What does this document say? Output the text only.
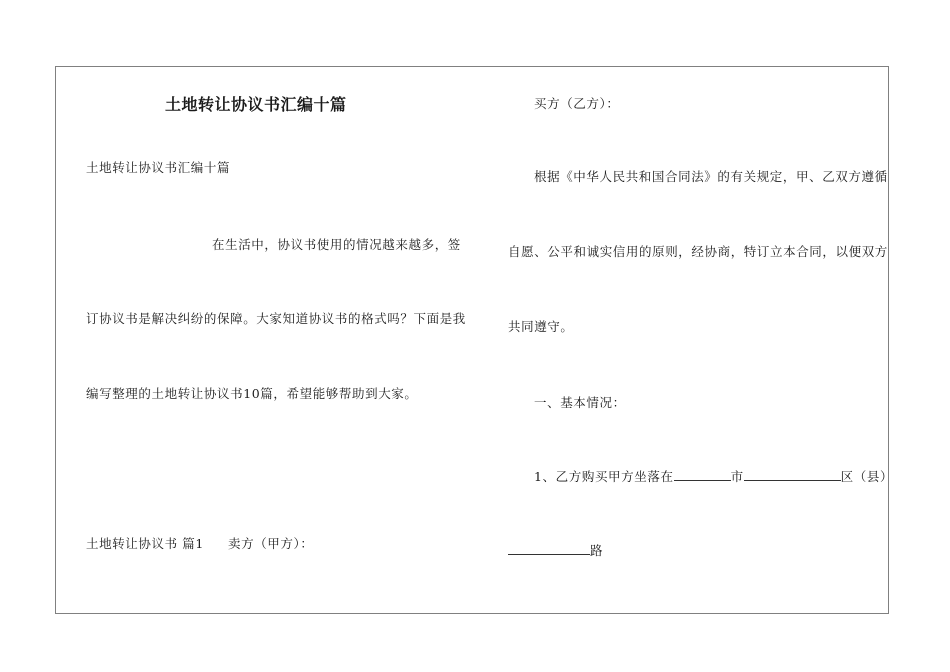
土地转让协议书汇编十篇
土地转让协议书汇编十篇
在生活中，协议书使用的情况越来越多，签
订协议书是解决纠纷的保障。大家知道协议书的格式吗？下面是我
编写整理的土地转让协议书10篇，希望能够帮助到大家。
土地转让协议书 篇1 卖方（甲方）：
买方（乙方）：
根据《中华人民共和国合同法》的有关规定，甲、乙双方遵循
自愿、公平和诚实信用的原则，经协商，特订立本合同，以便双方
共同遵守。
一、基本情况：
1、乙方购买甲方坐落在	市	区（县）
路
